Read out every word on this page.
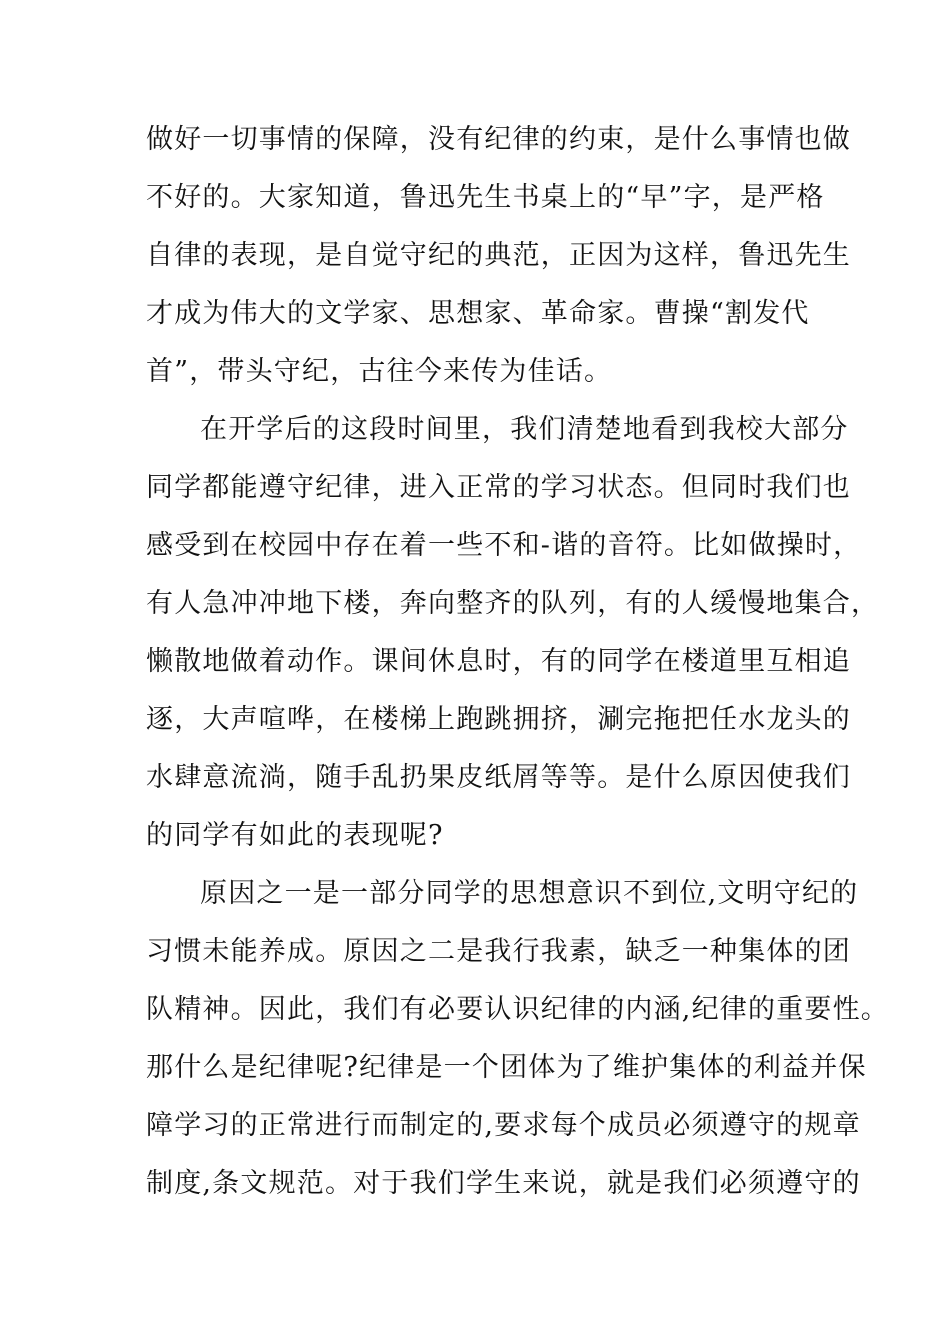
做好一切事情的保障，没有纪律的约束，是什么事情也做
不好的。大家知道，鲁迅先生书桌上的“早”字，是严格
自律的表现，是自觉守纪的典范，正因为这样，鲁迅先生
才成为伟大的文学家、思想家、革命家。曹操“割发代
首”，带头守纪，古往今来传为佳话。
在开学后的这段时间里，我们清楚地看到我校大部分
同学都能遵守纪律，进入正常的学习状态。但同时我们也
感受到在校园中存在着一些不和-谐的音符。比如做操时，
有人急冲冲地下楼，奔向整齐的队列，有的人缓慢地集合，
懒散地做着动作。课间休息时，有的同学在楼道里互相追
逐，大声喧哗，在楼梯上跑跳拥挤，涮完拖把任水龙头的
水肆意流淌，随手乱扔果皮纸屑等等。是什么原因使我们
的同学有如此的表现呢?
原因之一是一部分同学的思想意识不到位,文明守纪的
习惯未能养成。原因之二是我行我素，缺乏一种集体的团
队精神。因此，我们有必要认识纪律的内涵,纪律的重要性。
那什么是纪律呢?纪律是一个团体为了维护集体的利益并保
障学习的正常进行而制定的,要求每个成员必须遵守的规章
制度,条文规范。对于我们学生来说，就是我们必须遵守的
